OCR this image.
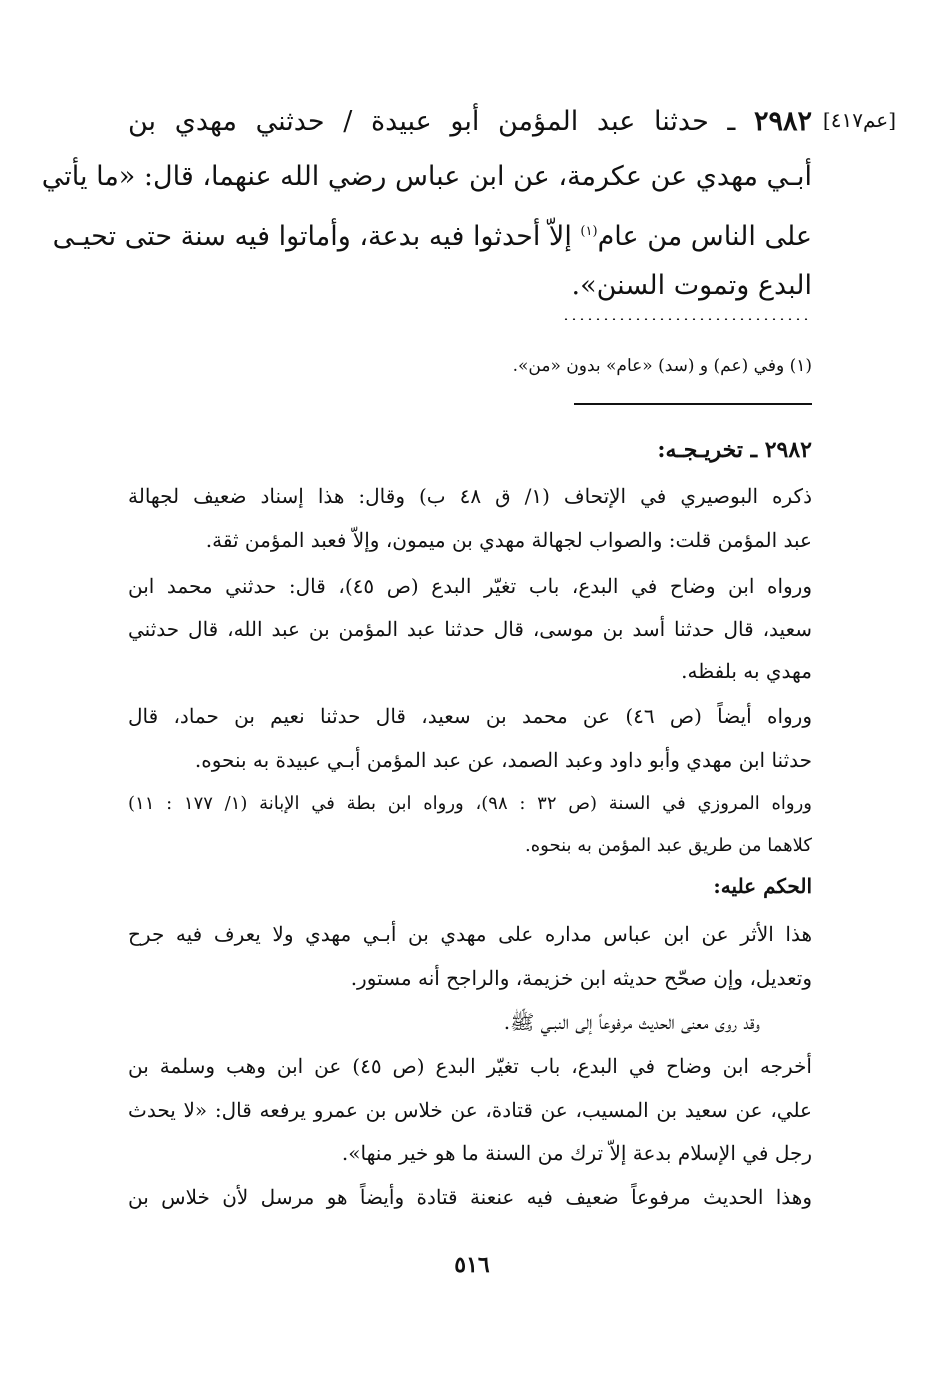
[عم٤١٧]
٢٩٨٢ ـ حدثنا عبد المؤمن أبو عبيدة / حدثني مهدي بن
أبـي مهدي عن عكرمة، عن ابن عباس رضي الله عنهما، قال: «ما يأتي
على الناس من عام$^{(١)}$ إلاّ أحدثوا فيه بدعة، وأماتوا فيه سنة حتى تحيـى
البدع وتموت السنن».
(١) وفي (عم) و (سد) «عام» بدون «من».
٢٩٨٢ ـ تخريـجـه:
ذكره البوصيري في الإتحاف (١/ ق ٤٨ ب) وقال: هذا إسناد ضعيف لجهالة
عبد المؤمن قلت: والصواب لجهالة مهدي بن ميمون، وإلاّ فعبد المؤمن ثقة.
ورواه ابن وضاح في البدع، باب تغيّر البدع (ص ٤٥)، قال: حدثني محمد ابن
سعيد، قال حدثنا أسد بن موسى، قال حدثنا عبد المؤمن بن عبد الله، قال حدثني
مهدي به بلفظه.
ورواه أيضاً (ص ٤٦) عن محمد بن سعيد، قال حدثنا نعيم بن حماد، قال
حدثنا ابن مهدي وأبو داود وعبد الصمد، عن عبد المؤمن أبـي عبيدة به بنحوه.
ورواه المروزي في السنة (ص ٣٢ : ٩٨)، ورواه ابن بطة في الإبانة (١/ ١٧٧ : ١١)
كلاهما من طريق عبد المؤمن به بنحوه.
الحكم عليه:
هذا الأثر عن ابن عباس مداره على مهدي بن أبـي مهدي ولا يعرف فيه جرح
وتعديل، وإن صحّح حديثه ابن خزيمة، والراجح أنه مستور.
وقد روى معنى الحديث مرفوعاً إلى النبـي ﷺ.
أخرجه ابن وضاح في البدع، باب تغيّر البدع (ص ٤٥) عن ابن وهب وسلمة بن
علي، عن سعيد بن المسيب، عن قتادة، عن خلاس بن عمرو يرفعه قال: «لا يحدث
رجل في الإسلام بدعة إلاّ ترك من السنة ما هو خير منها».
وهذا الحديث مرفوعاً ضعيف فيه عنعنة قتادة وأيضاً هو مرسل لأن خلاس بن
٥١٦
